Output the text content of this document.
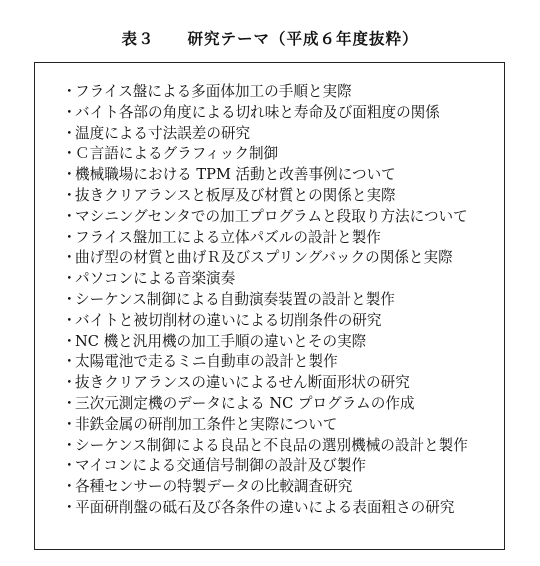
表３　　研究テーマ（平成６年度抜粋）
・フライス盤による多面体加工の手順と実際
・バイト各部の角度による切れ味と寿命及び面粗度の関係
・温度による寸法誤差の研究
・Ｃ言語によるグラフィック制御
・機械職場における TPM 活動と改善事例について
・抜きクリアランスと板厚及び材質との関係と実際
・マシニングセンタでの加工プログラムと段取り方法について
・フライス盤加工による立体パズルの設計と製作
・曲げ型の材質と曲げＲ及びスプリングバックの関係と実際
・パソコンによる音楽演奏
・シーケンス制御による自動演奏装置の設計と製作
・バイトと被切削材の違いによる切削条件の研究
・NC 機と汎用機の加工手順の違いとその実際
・太陽電池で走るミニ自動車の設計と製作
・抜きクリアランスの違いによるせん断面形状の研究
・三次元測定機のデータによる NC プログラムの作成
・非鉄金属の研削加工条件と実際について
・シーケンス制御による良品と不良品の選別機械の設計と製作
・マイコンによる交通信号制御の設計及び製作
・各種センサーの特製データの比較調査研究
・平面研削盤の砥石及び各条件の違いによる表面粗さの研究
